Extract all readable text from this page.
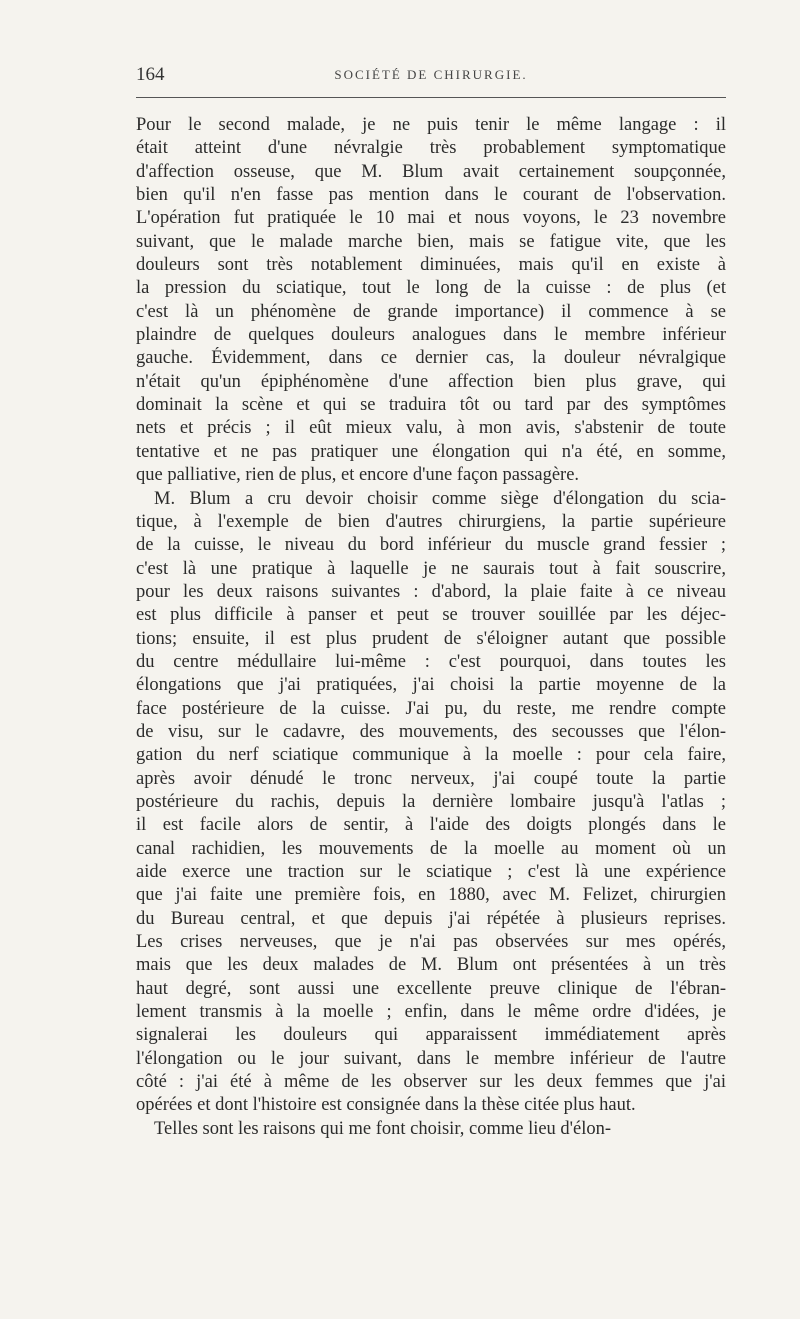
164	SOCIÉTÉ DE CHIRURGIE.
Pour le second malade, je ne puis tenir le même langage : il
était atteint d'une névralgie très probablement symptomatique
d'affection osseuse, que M. Blum avait certainement soupçonnée,
bien qu'il n'en fasse pas mention dans le courant de l'observation.
L'opération fut pratiquée le 10 mai et nous voyons, le 23 novembre
suivant, que le malade marche bien, mais se fatigue vite, que les
douleurs sont très notablement diminuées, mais qu'il en existe à
la pression du sciatique, tout le long de la cuisse : de plus (et
c'est là un phénomène de grande importance) il commence à se
plaindre de quelques douleurs analogues dans le membre inférieur
gauche. Évidemment, dans ce dernier cas, la douleur névralgique
n'était qu'un épiphénomène d'une affection bien plus grave, qui
dominait la scène et qui se traduira tôt ou tard par des symptômes
nets et précis ; il eût mieux valu, à mon avis, s'abstenir de toute
tentative et ne pas pratiquer une élongation qui n'a été, en somme,
que palliative, rien de plus, et encore d'une façon passagère.
M. Blum a cru devoir choisir comme siège d'élongation du scia-
tique, à l'exemple de bien d'autres chirurgiens, la partie supérieure
de la cuisse, le niveau du bord inférieur du muscle grand fessier ;
c'est là une pratique à laquelle je ne saurais tout à fait souscrire,
pour les deux raisons suivantes : d'abord, la plaie faite à ce niveau
est plus difficile à panser et peut se trouver souillée par les déjec-
tions; ensuite, il est plus prudent de s'éloigner autant que possible
du centre médullaire lui-même : c'est pourquoi, dans toutes les
élongations que j'ai pratiquées, j'ai choisi la partie moyenne de la
face postérieure de la cuisse. J'ai pu, du reste, me rendre compte
de visu, sur le cadavre, des mouvements, des secousses que l'élon-
gation du nerf sciatique communique à la moelle : pour cela faire,
après avoir dénudé le tronc nerveux, j'ai coupé toute la partie
postérieure du rachis, depuis la dernière lombaire jusqu'à l'atlas ;
il est facile alors de sentir, à l'aide des doigts plongés dans le
canal rachidien, les mouvements de la moelle au moment où un
aide exerce une traction sur le sciatique ; c'est là une expérience
que j'ai faite une première fois, en 1880, avec M. Felizet, chirurgien
du Bureau central, et que depuis j'ai répétée à plusieurs reprises.
Les crises nerveuses, que je n'ai pas observées sur mes opérés,
mais que les deux malades de M. Blum ont présentées à un très
haut degré, sont aussi une excellente preuve clinique de l'ébran-
lement transmis à la moelle ; enfin, dans le même ordre d'idées, je
signalerai les douleurs qui apparaissent immédiatement après
l'élongation ou le jour suivant, dans le membre inférieur de l'autre
côté : j'ai été à même de les observer sur les deux femmes que j'ai
opérées et dont l'histoire est consignée dans la thèse citée plus haut.
Telles sont les raisons qui me font choisir, comme lieu d'élon-
